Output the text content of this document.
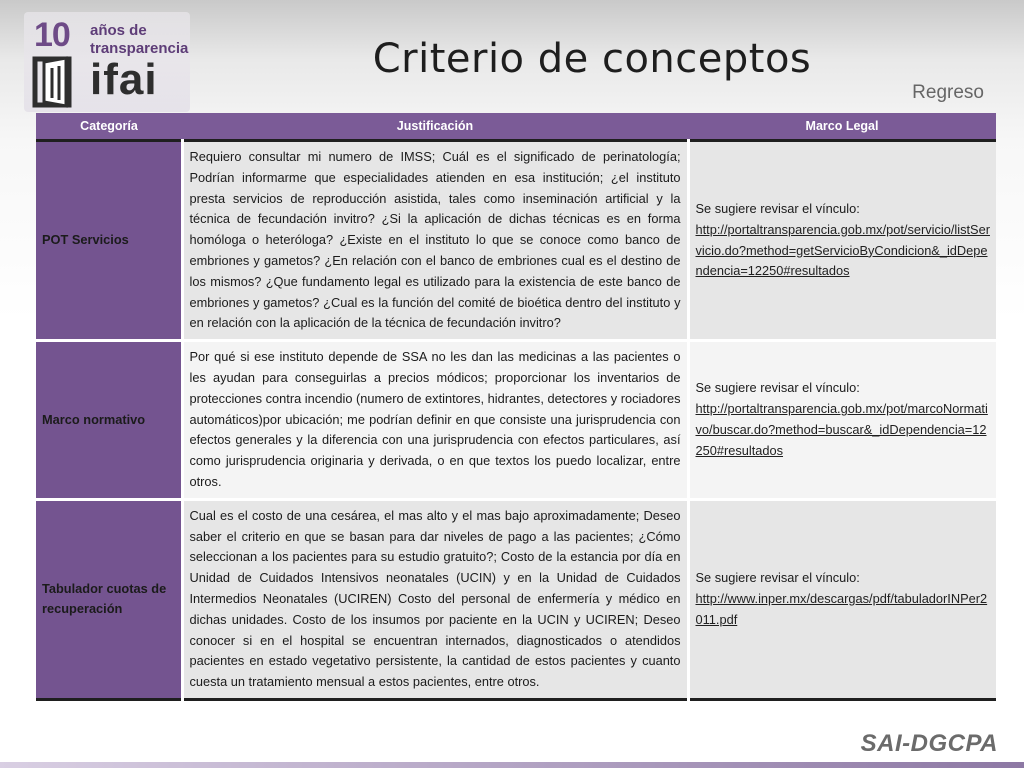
10 años de
transparencia
ifai	Criterio de conceptos
Regreso
Categoría	Justificación	Marco Legal
POT Servicios	Requiero consultar mi numero de IMSS; Cuál es el significado de perinatología; Podrían informarme que especialidades atienden en esa institución; ¿el instituto presta servicios de reproducción asistida, tales como inseminación artificial y la técnica de fecundación invitro? ¿Si la aplicación de dichas técnicas es en forma homóloga o heteróloga? ¿Existe en el instituto lo que se conoce como banco de embriones y gametos? ¿En relación con el banco de embriones cual es el destino de los mismos? ¿Que fundamento legal es utilizado para la existencia de este banco de embriones y gametos? ¿Cual es la función del comité de bioética dentro del instituto y en relación con la aplicación de la técnica de fecundación invitro?	Se sugiere revisar el vínculo:
http://portaltransparencia.gob.mx/pot/servicio/listServicio.do?method=getServicioByCondicion&_idDependencia=12250#resultados
Marco normativo	Por qué si ese instituto depende de SSA no les dan las medicinas a las pacientes o les ayudan para conseguirlas a precios módicos; proporcionar los inventarios de protecciones contra incendio (numero de extintores, hidrantes, detectores y rociadores automáticos)por ubicación; me podrían definir en que consiste una jurisprudencia con efectos generales y la diferencia con una jurisprudencia con efectos particulares, así como jurisprudencia originaria y derivada, o en que textos los puedo localizar, entre otros.	Se sugiere revisar el vínculo:
http://portaltransparencia.gob.mx/pot/marcoNormativo/buscar.do?method=buscar&_idDependencia=12250#resultados
Tabulador cuotas de recuperación	Cual es el costo de una cesárea, el mas alto y el mas bajo aproximadamente; Deseo saber el criterio en que se basan para dar niveles de pago a las pacientes; ¿Cómo seleccionan a los pacientes para su estudio gratuito?; Costo de la estancia por día en Unidad de Cuidados Intensivos neonatales (UCIN) y en la Unidad de Cuidados Intermedios Neonatales (UCIREN) Costo del personal de enfermería y médico en dichas unidades. Costo de los insumos por paciente en la UCIN y UCIREN; Deseo conocer si en el hospital se encuentran internados, diagnosticados o atendidos pacientes en estado vegetativo persistente, la cantidad de estos pacientes y cuanto cuesta un tratamiento mensual a estos pacientes, entre otros.	Se sugiere revisar el vínculo:
http://www.inper.mx/descargas/pdf/tabuladorINPer2011.pdf
SAI-DGCPA
